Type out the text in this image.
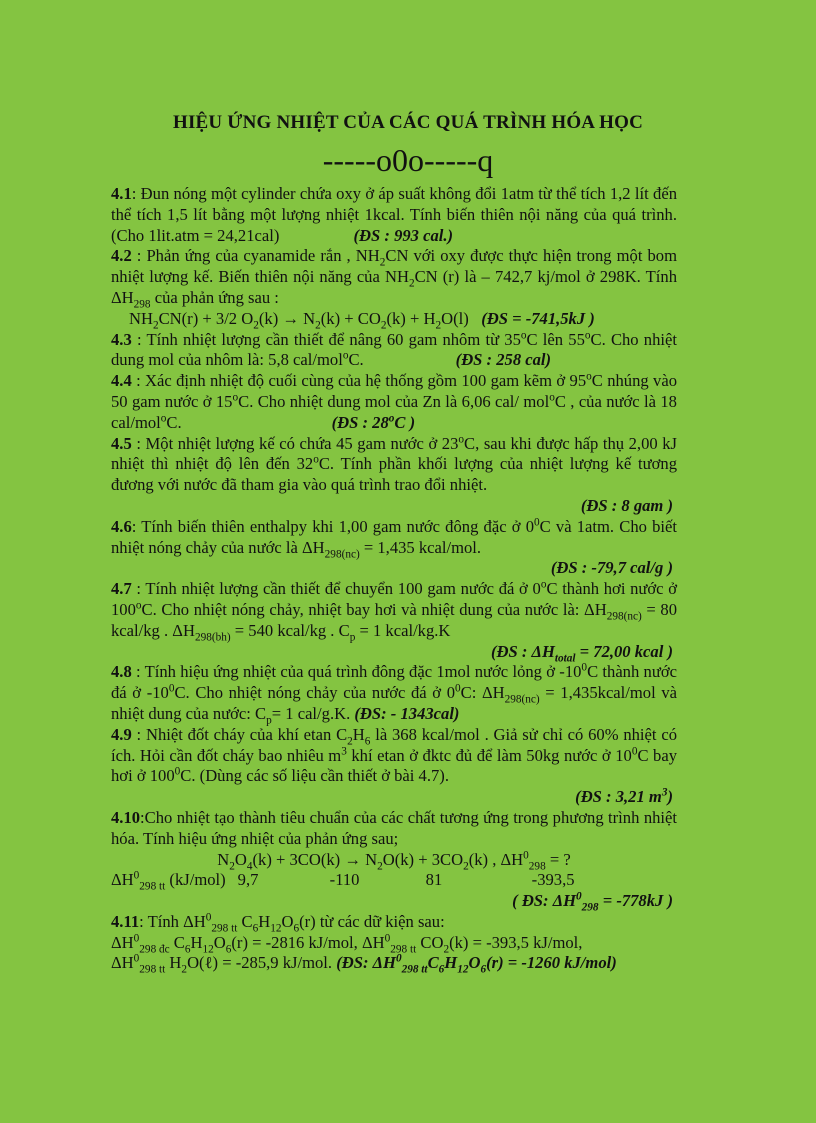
HIỆU ỨNG NHIỆT CỦA CÁC QUÁ TRÌNH HÓA HỌC
-----o0o-----q

4.1: Đun nóng một cylinder chứa oxy ở áp suất không đổi 1atm từ thể tích 1,2 lít đến thể tích 1,5 lít bằng một lượng nhiệt 1kcal. Tính biến thiên nội năng của quá trình. (Cho 1lit.atm = 24,21cal)	(ĐS : 993 cal.)

4.2 : Phản ứng của cyanamide rắn , $NH_2CN$ với oxy được thực hiện trong một bom nhiệt lượng kế. Biến thiên nội năng của $NH_2CN$ (r) là – 742,7 kj/mol ở 298K. Tính $\Delta H_{298}$ của phản ứng sau :

$NH_2CN(r) + 3/2$ $O_2(k) \to N_2(k) + CO_2(k) + H_2O(l)$ (ĐS = -741,5kJ )

4.3 : Tính nhiệt lượng cần thiết để nâng 60 gam nhôm từ 35$^o$C lên 55$^o$C. Cho nhiệt dung mol của nhôm là: 5,8 cal/mol$^o$C.	(ĐS : 258 cal)

4.4 : Xác định nhiệt độ cuối cùng của hệ thống gồm 100 gam kẽm ở 95$^o$C nhúng vào 50 gam nước ở 15$^o$C. Cho nhiệt dung mol của Zn là 6,06 cal/ mol$^o$C , của nước là 18 cal/mol$^o$C.	(ĐS : 28$^o$C )

4.5 : Một nhiệt lượng kế có chứa 45 gam nước ở 23$^o$C, sau khi được hấp thụ 2,00 kJ nhiệt thì nhiệt độ lên đến 32$^o$C. Tính phần khối lượng của nhiệt lượng kế tương đương với nước đã tham gia vào quá trình trao đổi nhiệt.

(ĐS : 8 gam )

4.6: Tính biến thiên enthalpy khi 1,00 gam nước đông đặc ở $0^0C$ và 1atm. Cho biết nhiệt nóng chảy của nước là $\Delta H_{298(nc)} = 1,435$ kcal/mol.

(ĐS : -79,7 cal/g )

4.7 : Tính nhiệt lượng cần thiết để chuyển 100 gam nước đá ở 0$^o$C thành hơi nước ở 100$^o$C. Cho nhiệt nóng chảy, nhiệt bay hơi và nhiệt dung của nước là: $\Delta H_{298(nc)} = 80$ kcal/kg . $\Delta H_{298(bh)} = 540$ kcal/kg . $C_p = 1$ kcal/kg.K

(ĐS : $\Delta H_{total} = 72,00$ kcal )

4.8 : Tính hiệu ứng nhiệt của quá trình đông đặc 1mol nước lỏng ở $-10^0C$ thành nước đá ở $-10^0C$. Cho nhiệt nóng chảy của nước đá ở $0^0C$: $\Delta H_{298(nc)}$ = 1,435kcal/mol và nhiệt dung của nước: $C_p= 1$ cal/g.K. (ĐS: - 1343cal)

4.9 : Nhiệt đốt cháy của khí etan $C_2H_6$ là 368 kcal/mol . Giả sử chỉ có 60% nhiệt có ích. Hỏi cần đốt cháy bao nhiêu $m^3$ khí etan ở đktc đủ để làm 50kg nước ở $10^0C$ bay hơi ở $100^0C$. (Dùng các số liệu cần thiết ở bài 4.7).

(ĐS : 3,21 $m^3$)

4.10:Cho nhiệt tạo thành tiêu chuẩn của các chất tương ứng trong phương trình nhiệt hóa. Tính hiệu ứng nhiệt của phản ứng sau;

$N_2O_4(k) + 3CO(k) \to N_2O(k) + 3CO_2(k)$ , $\Delta H^0_{298}$ = ?

$\Delta H^0_{298 tt}$ (kJ/mol) 9,7	-110	81	-393,5

( ĐS: $\Delta H^0_{298} = -778kJ$ )

4.11: Tính $\Delta H^0_{298 tt}$ $C_6H_{12}O_6(r)$ từ các dữ kiện sau:

$\Delta H^0_{298 đc}$ $C_6H_{12}O_6(r) = -2816$ kJ/mol, $\Delta H^0_{298 tt}$ $CO_2(k) = -393,5$ kJ/mol,

$\Delta H^0_{298 tt}$ $H_2O(\ell) = -285,9$ kJ/mol. (ĐS: $\Delta H^0_{298 tt}C_6H_{12}O_6(r) = -1260$ kJ/mol)
